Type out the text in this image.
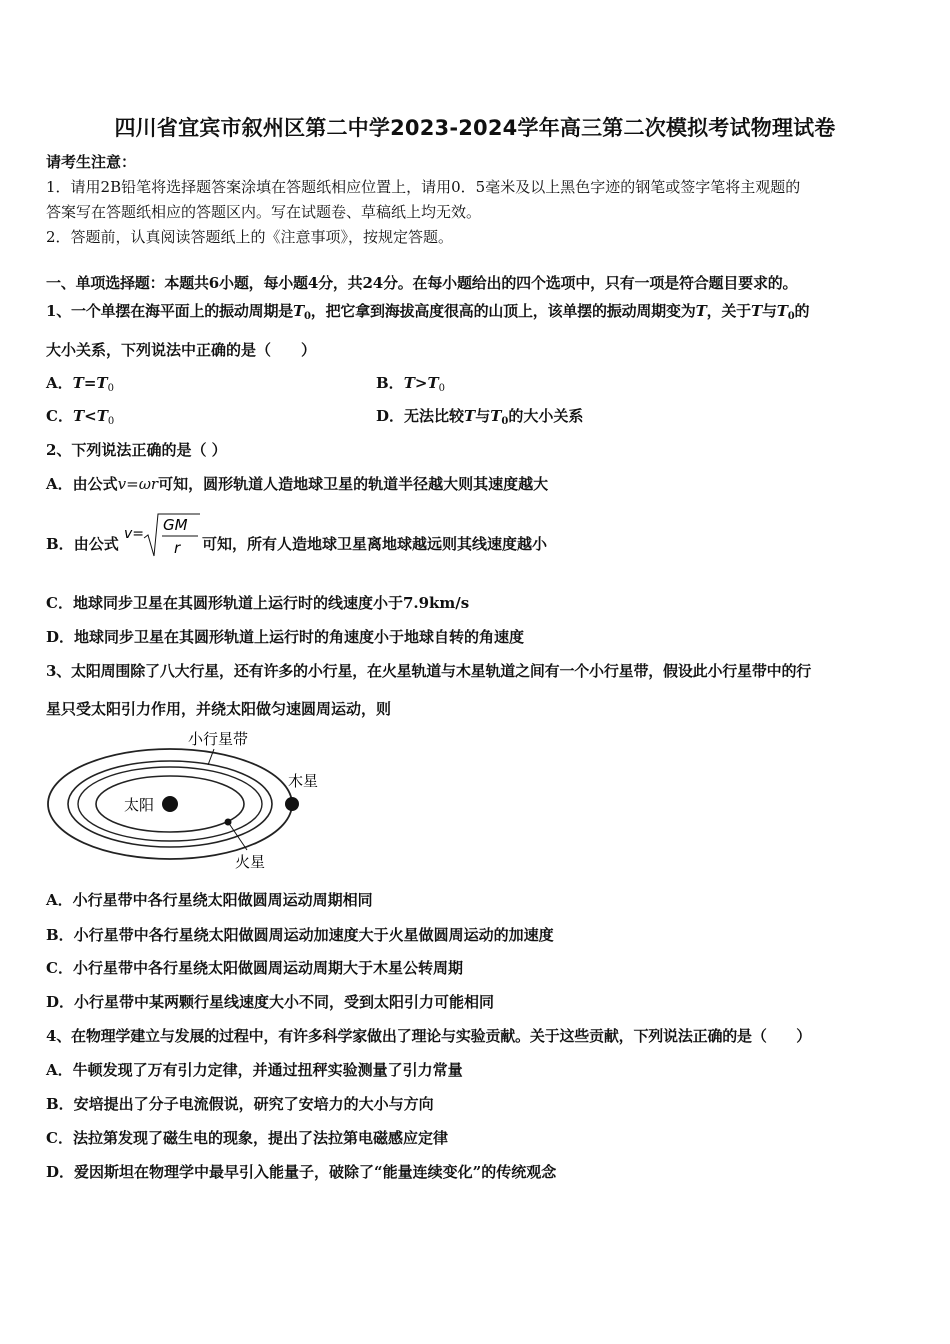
四川省宜宾市叙州区第二中学2023-2024学年高三第二次模拟考试物理试卷
请考生注意：
1．请用2B铅笔将选择题答案涂填在答题纸相应位置上，请用0．5毫米及以上黑色字迹的钢笔或签字笔将主观题的
答案写在答题纸相应的答题区内。写在试题卷、草稿纸上均无效。
2．答题前，认真阅读答题纸上的《注意事项》，按规定答题。
一、单项选择题：本题共6小题，每小题4分，共24分。在每小题给出的四个选项中，只有一项是符合题目要求的。
1、一个单摆在海平面上的振动周期是$T_0$，把它拿到海拔高度很高的山顶上，该单摆的振动周期变为T，关于T与$T_0$的
大小关系，下列说法中正确的是（　　）
A．$T=T_0$	B．$T>T_0$
C．$T<T_0$	D．无法比较T与$T_0$的大小关系
2、下列说法正确的是（ ）
A．由公式v=ωr可知，圆形轨道人造地球卫星的轨道半径越大则其速度越大
B．由公式
v= GM
r 可知，所有人造地球卫星离地球越远则其线速度越小
C．地球同步卫星在其圆形轨道上运行时的线速度小于7.9km/s
D．地球同步卫星在其圆形轨道上运行时的角速度小于地球自转的角速度
3、太阳周围除了八大行星，还有许多的小行星，在火星轨道与木星轨道之间有一个小行星带，假设此小行星带中的行
星只受太阳引力作用，并绕太阳做匀速圆周运动，则
太阳
木星
火星
小行星带
A．小行星带中各行星绕太阳做圆周运动周期相同
B．小行星带中各行星绕太阳做圆周运动加速度大于火星做圆周运动的加速度
C．小行星带中各行星绕太阳做圆周运动周期大于木星公转周期
D．小行星带中某两颗行星线速度大小不同，受到太阳引力可能相同
4、在物理学建立与发展的过程中，有许多科学家做出了理论与实验贡献。关于这些贡献，下列说法正确的是（　　）
A．牛顿发现了万有引力定律，并通过扭秤实验测量了引力常量
B．安培提出了分子电流假说，研究了安培力的大小与方向
C．法拉第发现了磁生电的现象，提出了法拉第电磁感应定律
D．爱因斯坦在物理学中最早引入能量子，破除了“能量连续变化”的传统观念
